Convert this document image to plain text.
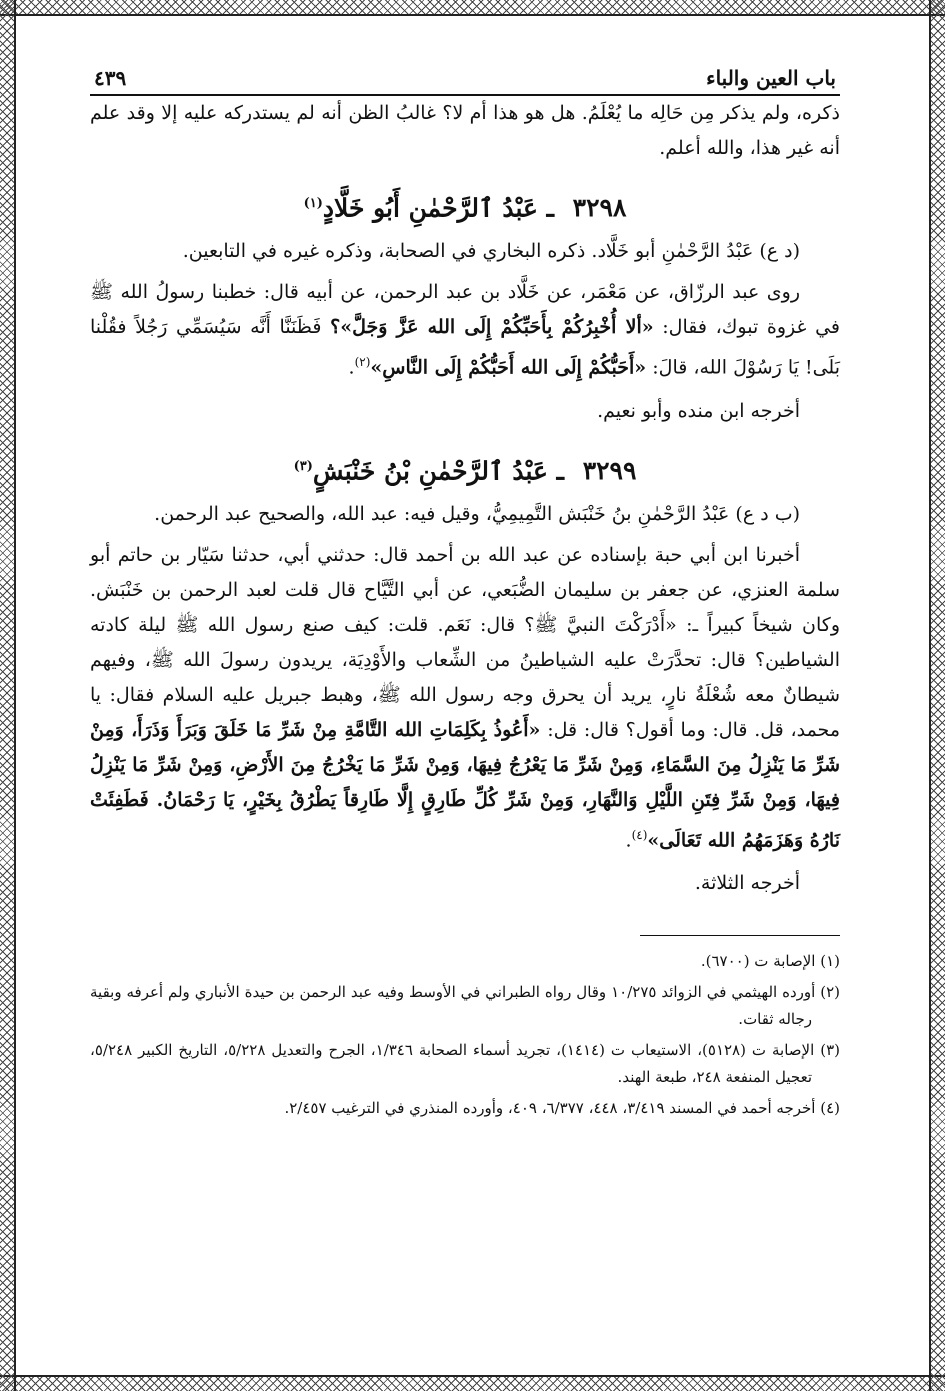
باب العين والباء
٤٣٩

ذكره، ولم يذكر مِن حَالِه ما يُعْلَمُ. هل هو هذا أم لا؟ غالبُ الظن أنه لم يستدركه عليه إلا وقد علم أنه غير هذا، والله أعلم.

٣٢٩٨ ـ عَبْدُ ٱلرَّحْمٰنِ أَبُو خَلَّادٍ$^{(١)}$

(د ع) عَبْدُ الرَّحْمٰنِ أبو خَلَّاد. ذكره البخاري في الصحابة، وذكره غيره في التابعين.

روى عبد الرزّاق، عن مَعْمَر، عن خَلَّاد بن عبد الرحمن، عن أبيه قال: خطبنا رسولُ الله ﷺ في غزوة تبوك، فقال: «ألا أُخْبِرُكُمْ بِأَحَبِّكُمْ إِلَى الله عَزَّ وَجَلَّ»؟ فَظَنَنَّا أَنَّه سَيُسَمِّي رَجُلاً فقُلْنا بَلَى! يَا رَسُوْلَ الله، قالَ: «أَحَبُّكُمْ إِلَى الله أَحَبُّكُمْ إِلَى النَّاسِ»$^{(٢)}$.

أخرجه ابن منده وأبو نعيم.

٣٢٩٩ ـ عَبْدُ ٱلرَّحْمٰنِ بْنُ خَنْبَشٍ$^{(٣)}$

(ب د ع) عَبْدُ الرَّحْمٰنِ بنُ خَنْبَش التَّمِيمِيُّ، وقيل فيه: عبد الله، والصحيح عبد الرحمن.

أخبرنا ابن أبي حبة بإسناده عن عبد الله بن أحمد قال: حدثني أبي، حدثنا سَيّار بن حاتم أبو سلمة العنزي، عن جعفر بن سليمان الضُّبَعي، عن أبي التَّيَّاح قال قلت لعبد الرحمن بن خَنْبَش. وكان شيخاً كبيراً ـ: «أَدْرَكْتَ النبيَّ ﷺ؟ قال: نَعَم. قلت: كيف صنع رسول الله ﷺ ليلة كادته الشياطين؟ قال: تحدَّرَتْ عليه الشياطينُ من الشِّعاب والأَوْدِيَة، يريدون رسولَ الله ﷺ، وفيهم شيطانٌ معه شُعْلَةُ نارٍ، يريد أن يحرق وجه رسول الله ﷺ، وهبط جبريل عليه السلام فقال: يا محمد، قل. قال: وما أقول؟ قال: قل: «أَعُوذُ بِكَلِمَاتِ الله التَّامَّةِ مِنْ شَرِّ مَا خَلَقَ وَبَرَأَ وَذَرَأَ، وَمِنْ شَرِّ مَا يَنْزِلُ مِنَ السَّمَاءِ، وَمِنْ شَرِّ مَا يَعْرُجُ فِيهَا، وَمِنْ شَرِّ مَا يَخْرُجُ مِنَ الأَرْضِ، وَمِنْ شَرِّ مَا يَنْزِلُ فِيهَا، وَمِنْ شَرِّ فِتَنِ اللَّيْلِ وَالنَّهَارِ، وَمِنْ شَرِّ كُلِّ طَارِقٍ إِلَّا طَارِقاً يَطْرُقُ بِخَيْرٍ، يَا رَحْمَانُ. فَطَفِئَتْ نَارُهُ وَهَزَمَهُمُ الله تَعَالَى»$^{(٤)}$.

أخرجه الثلاثة.

(١) الإصابة ت (٦٧٠٠).

(٢) أورده الهيثمي في الزوائد ١٠/٢٧٥ وقال رواه الطبراني في الأوسط وفيه عبد الرحمن بن حيدة الأنباري ولم أعرفه وبقية رجاله ثقات.

(٣) الإصابة ت (٥١٢٨)، الاستيعاب ت (١٤١٤)، تجريد أسماء الصحابة ١/٣٤٦، الجرح والتعديل ٥/٢٢٨، التاريخ الكبير ٥/٢٤٨، تعجيل المنفعة ٢٤٨، طبعة الهند.

(٤) أخرجه أحمد في المسند ٣/٤١٩، ٤٤٨، ٦/٣٧٧، ٤٠٩، وأورده المنذري في الترغيب ٢/٤٥٧.
